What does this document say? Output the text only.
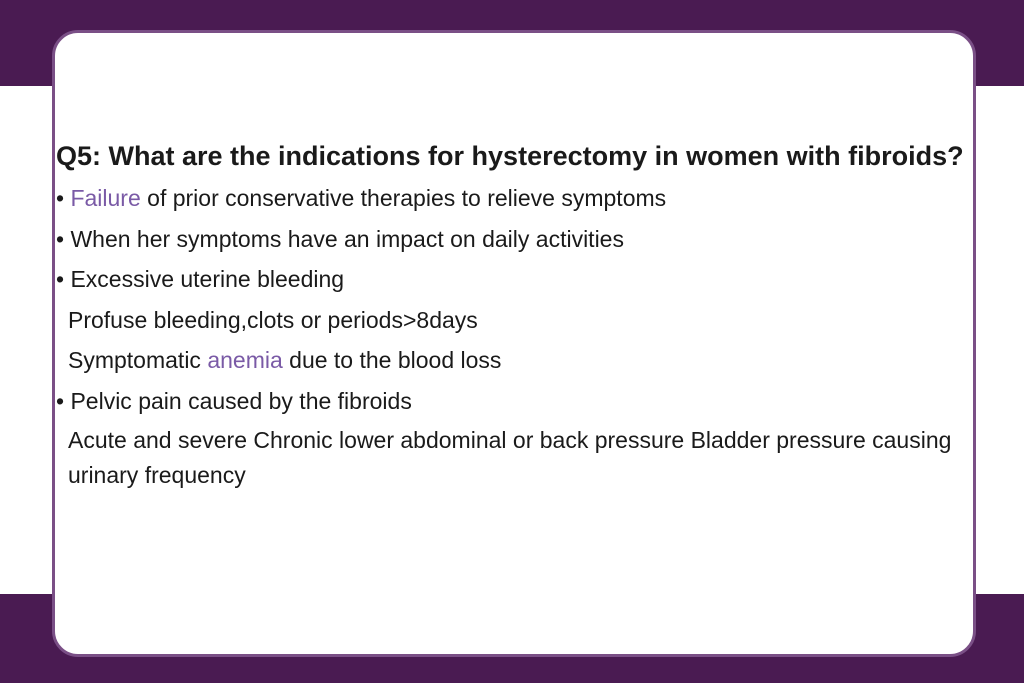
Q5: What are the indications for hysterectomy in women with fibroids?
• Failure of prior conservative therapies to relieve symptoms
• When her symptoms have an impact on daily activities
• Excessive uterine bleeding
Profuse bleeding,clots or periods>8days
Symptomatic anemia due to the blood loss
• Pelvic pain caused by the fibroids
Acute and severe Chronic lower abdominal or back pressure Bladder pressure causing urinary frequency
